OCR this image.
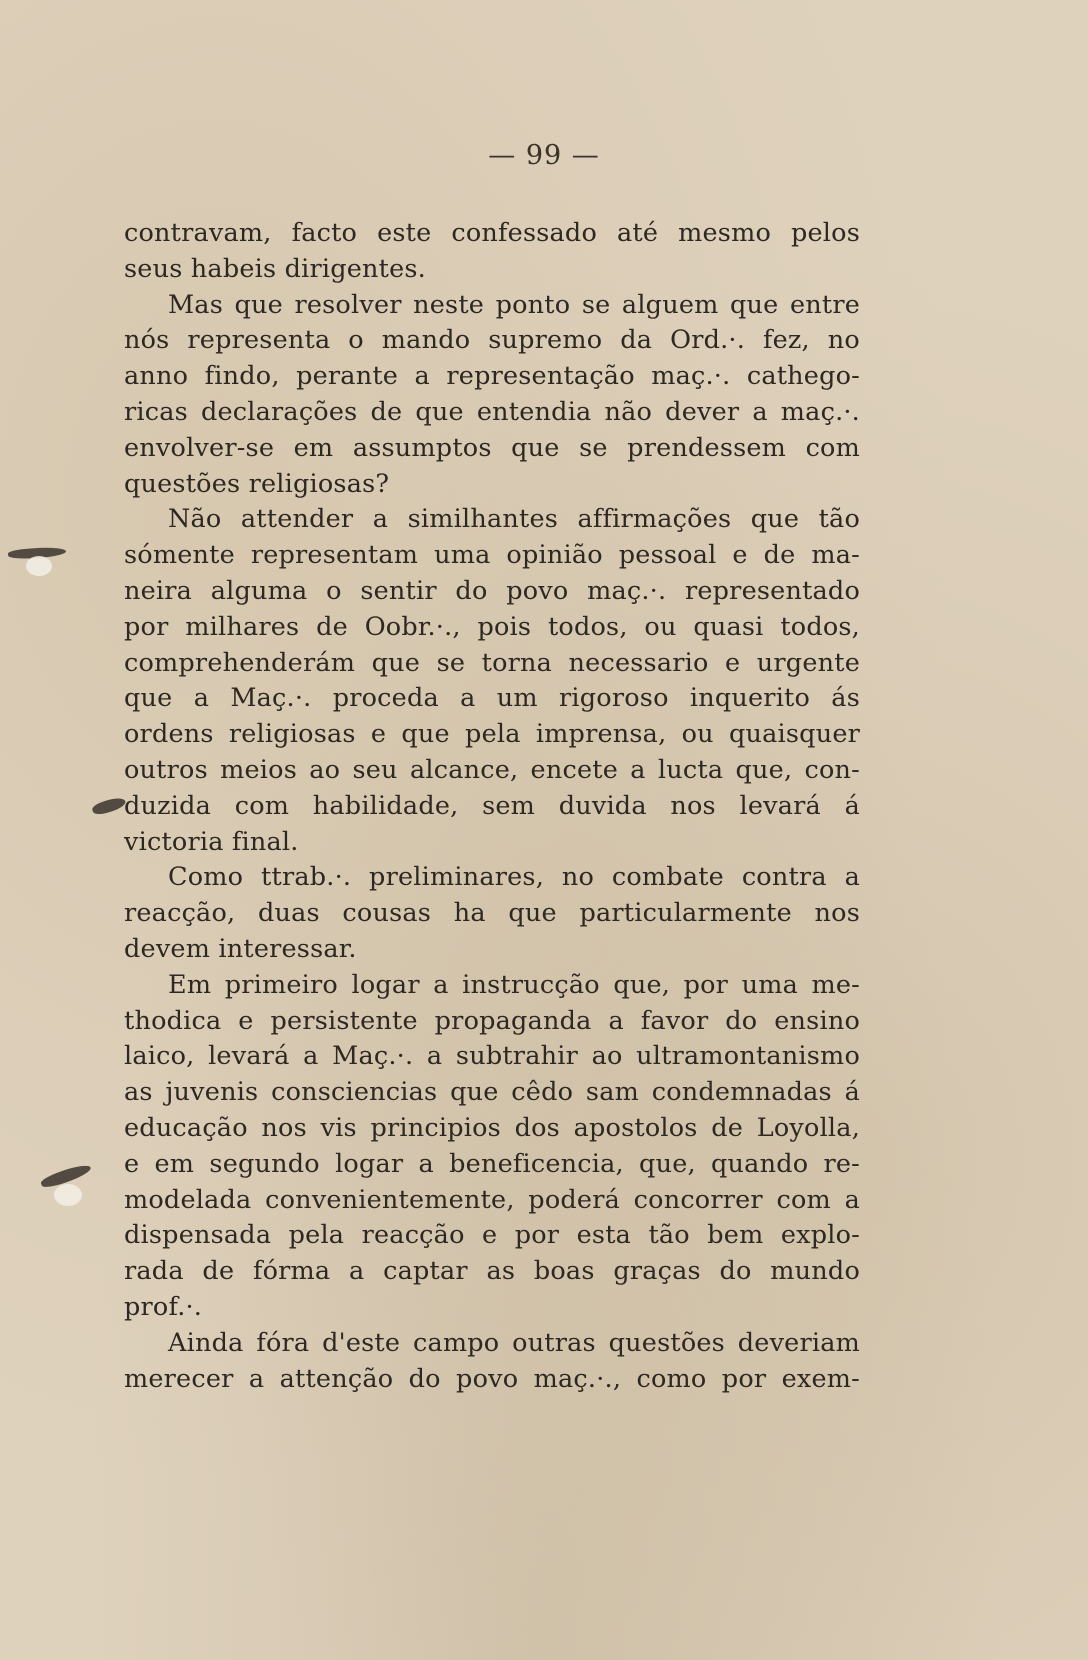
— 99 —
contravam, facto este confessado até mesmo pelos
seus habeis dirigentes.
Mas que resolver neste ponto se alguem que entre
nós representa o mando supremo da Ord.·. fez, no
anno findo, perante a representação maç.·. cathego-
ricas declarações de que entendia não dever a maç.·.
envolver-se em assumptos que se prendessem com
questões religiosas?
Não attender a similhantes affirmações que tão
sómente representam uma opinião pessoal e de ma-
neira alguma o sentir do povo maç.·. representado
por milhares de Oobr.·., pois todos, ou quasi todos,
comprehenderám que se torna necessario e urgente
que a Maç.·. proceda a um rigoroso inquerito ás
ordens religiosas e que pela imprensa, ou quaisquer
outros meios ao seu alcance, encete a lucta que, con-
duzida com habilidade, sem duvida nos levará á
victoria final.
Como ttrab.·. preliminares, no combate contra a
reacção, duas cousas ha que particularmente nos
devem interessar.
Em primeiro logar a instrucção que, por uma me-
thodica e persistente propaganda a favor do ensino
laico, levará a Maç.·. a subtrahir ao ultramontanismo
as juvenis consciencias que cêdo sam condemnadas á
educação nos vis principios dos apostolos de Loyolla,
e em segundo logar a beneficencia, que, quando re-
modelada convenientemente, poderá concorrer com a
dispensada pela reacção e por esta tão bem explo-
rada de fórma a captar as boas graças do mundo
prof.·.
Ainda fóra d'este campo outras questões deveriam
merecer a attenção do povo maç.·., como por exem-
